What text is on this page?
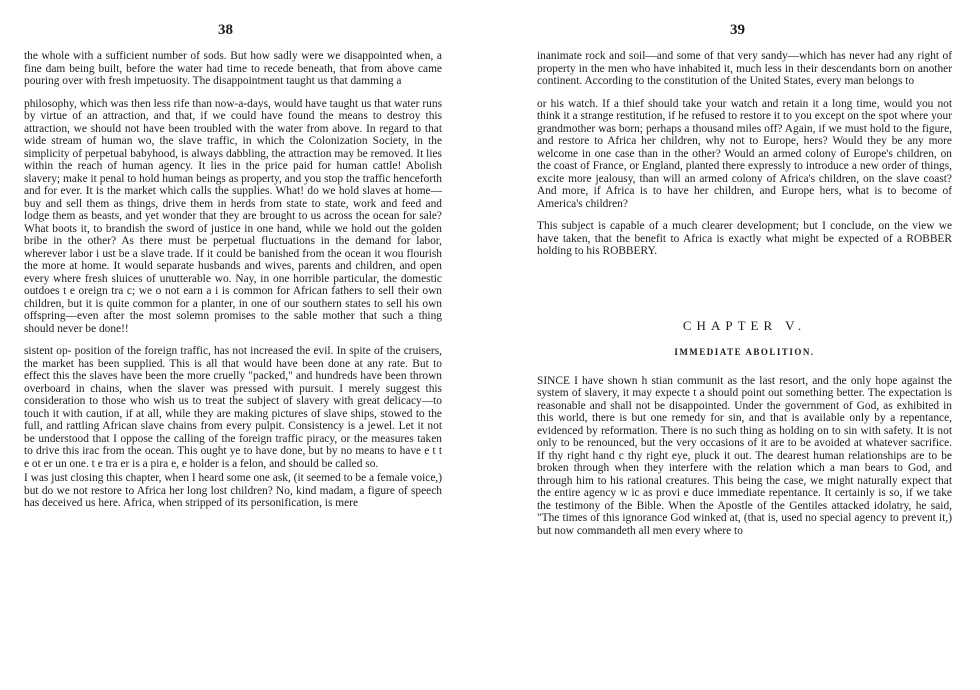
38

the whole with a sufficient number of sods. But how sadly were we disappointed when, a fine dam being built, before the water had time to recede beneath, that from above came pouring over with fresh impetuosity. The disappointment taught us that damming a

philosophy, which was then less rife than now-a-days, would have taught us that water runs by virtue of an attraction, and that, if we could have found the means to destroy this attraction, we should not have been troubled with the water from above. In regard to that wide stream of human wo, the slave traffic, in which the Colonization Society, in the simplicity of perpetual babyhood, is always dabbling, the attraction may be removed. It lies within the reach of human agency. It lies in the price paid for human cattle! Abolish slavery; make it penal to hold human beings as property, and you stop the traffic henceforth and for ever. It is the market which calls the supplies. What! do we hold slaves at home—buy and sell them as things, drive them in herds from state to state, work and feed and lodge them as beasts, and yet wonder that they are brought to us across the ocean for sale? What boots it, to brandish the sword of justice in one hand, while we hold out the golden bribe in the other? As there must be perpetual fluctuations in the demand for labor, wherever labor i ust be a slave trade. If it could be banished from the ocean it wou flourish the more at home. It would separate husbands and wives, parents and children, and open every where fresh sluices of unutterable wo. Nay, in one horrible particular, the domestic outdoes t e oreign tra c; we o not earn a i is common for African fathers to sell their own children, but it is quite common for a planter, in one of our southern states to sell his own offspring—even after the most solemn promises to the sable mother that such a thing should never be done!!

sistent op- position of the foreign traffic, has not increased the evil. In spite of the cruisers, the market has been supplied. This is all that would have been done at any rate. But to effect this the slaves have been the more cruelly "packed," and hundreds have been thrown overboard in chains, when the slaver was pressed with pursuit. I merely suggest this consideration to those who wish us to treat the subject of slavery with great delicacy—to touch it with caution, if at all, while they are making pictures of slave ships, stowed to the full, and rattling African slave chains from every pulpit. Consistency is a jewel. Let it not be understood that I oppose the calling of the foreign traffic piracy, or the measures taken to drive this irac from the ocean. This ought ye to have done, but by no means to have e t t e ot er un one. t e tra er is a pira e, e holder is a felon, and should be called so.

I was just closing this chapter, when I heard some one ask, (it seemed to be a female voice,) but do we not restore to Africa her long lost children? No, kind madam, a figure of speech has deceived us here. Africa, when stripped of its personification, is mere

39

inanimate rock and soil—and some of that very sandy—which has never had any right of property in the men who have inhabited it, much less in their descendants born on another continent. According to the constitution of the United States, every man belongs to

or his watch. If a thief should take your watch and retain it a long time, would you not think it a strange restitution, if he refused to restore it to you except on the spot where your grandmother was born; perhaps a thousand miles off? Again, if we must hold to the figure, and restore to Africa her children, why not to Europe, hers? Would they be any more welcome in one case than in the other? Would an armed colony of Europe's children, on the coast of France, or England, planted there expressly to introduce a new order of things, excite more jealousy, than will an armed colony of Africa's children, on the slave coast? And more, if Africa is to have her children, and Europe hers, what is to become of America's children?

This subject is capable of a much clearer development; but I conclude, on the view we have taken, that the benefit to Africa is exactly what might be expected of a ROBBER holding to his ROBBERY.

CHAPTER V.
IMMEDIATE ABOLITION.

SINCE I have shown h stian communit as the last resort, and the only hope against the system of slavery, it may expecte t a should point out something better. The expectation is reasonable and shall not be disappointed. Under the government of God, as exhibited in this world, there is but one remedy for sin, and that is available only by a repentance, evidenced by reformation. There is no such thing as holding on to sin with safety. It is not only to be renounced, but the very occasions of it are to be avoided at whatever sacrifice. If thy right hand c thy right eye, pluck it out. The dearest human relationships are to be broken through when they interfere with the relation which a man bears to God, and through him to his rational creatures. This being the case, we might naturally expect that the entire agency w ic as provi e duce immediate repentance. It certainly is so, if we take the testimony of the Bible. When the Apostle of the Gentiles attacked idolatry, he said, "The times of this ignorance God winked at, (that is, used no special agency to prevent it,) but now commandeth all men every where to
